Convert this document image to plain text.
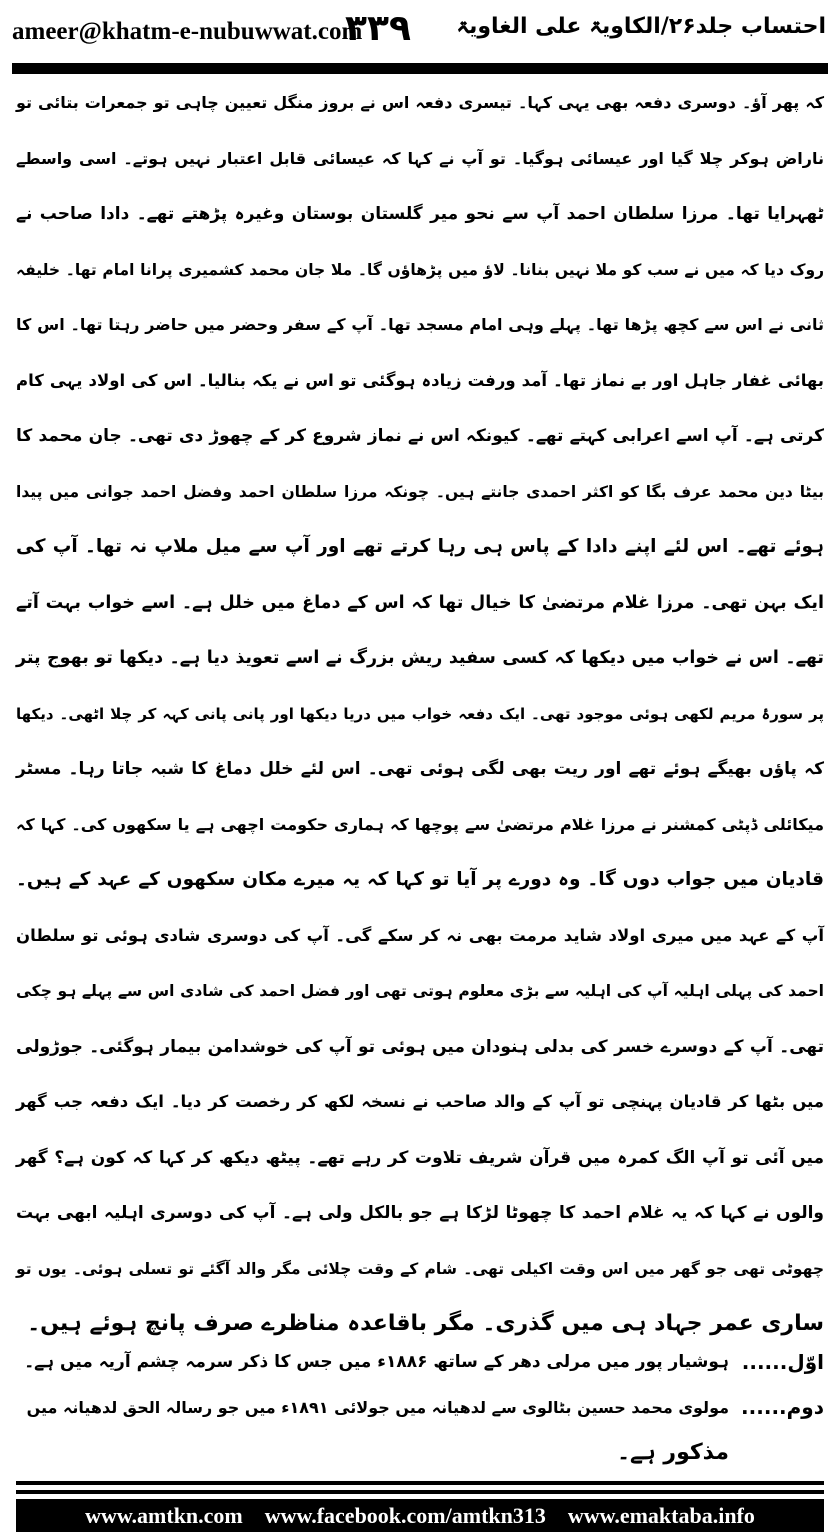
ameer@khatm-e-nubuwwat.com
۳۳۹ احتساب جلد۲۶/الکاویۃ علی الغاویۃ
کہ پھر آؤ۔ دوسری دفعہ بھی یہی کہا۔ تیسری دفعہ اس نے بروز منگل تعیین چاہی تو جمعرات بتائی تو
ناراض ہوکر چلا گیا اور عیسائی ہوگیا۔ تو آپ نے کہا کہ عیسائی قابل اعتبار نہیں ہوتے۔ اسی واسطے
ٹھہرایا تھا۔ مرزا سلطان احمد آپ سے نحو میر گلستان بوستان وغیرہ پڑھتے تھے۔ دادا صاحب نے
روک دیا کہ میں نے سب کو ملا نہیں بنانا۔ لاؤ میں پڑھاؤں گا۔ ملا جان محمد کشمیری پرانا امام تھا۔ خلیفہ
ثانی نے اس سے کچھ پڑھا تھا۔ پہلے وہی امام مسجد تھا۔ آپ کے سفر وحضر میں حاضر رہتا تھا۔ اس کا
بھائی غفار جاہل اور بے نماز تھا۔ آمد ورفت زیادہ ہوگئی تو اس نے یکہ بنالیا۔ اس کی اولاد یہی کام
کرتی ہے۔ آپ اسے اعرابی کہتے تھے۔ کیونکہ اس نے نماز شروع کر کے چھوڑ دی تھی۔ جان محمد کا
بیٹا دین محمد عرف بگا کو اکثر احمدی جانتے ہیں۔ چونکہ مرزا سلطان احمد وفضل احمد جوانی میں پیدا
ہوئے تھے۔ اس لئے اپنے دادا کے پاس ہی رہا کرتے تھے اور آپ سے میل ملاپ نہ تھا۔ آپ کی
ایک بہن تھی۔ مرزا غلام مرتضیٰ کا خیال تھا کہ اس کے دماغ میں خلل ہے۔ اسے خواب بہت آتے
تھے۔ اس نے خواب میں دیکھا کہ کسی سفید ریش بزرگ نے اسے تعویذ دیا ہے۔ دیکھا تو بھوج پتر
پر سورۂ مریم لکھی ہوئی موجود تھی۔ ایک دفعہ خواب میں دریا دیکھا اور پانی پانی کہہ کر چلا اٹھی۔ دیکھا
کہ پاؤں بھیگے ہوئے تھے اور ریت بھی لگی ہوئی تھی۔ اس لئے خلل دماغ کا شبہ جاتا رہا۔ مسٹر
میکائلی ڈپٹی کمشنر نے مرزا غلام مرتضیٰ سے پوچھا کہ ہماری حکومت اچھی ہے یا سکھوں کی۔ کہا کہ
قادیان میں جواب دوں گا۔ وہ دورے پر آیا تو کہا کہ یہ میرے مکان سکھوں کے عہد کے ہیں۔
آپ کے عہد میں میری اولاد شاید مرمت بھی نہ کر سکے گی۔ آپ کی دوسری شادی ہوئی تو سلطان
احمد کی پہلی اہلیہ آپ کی اہلیہ سے بڑی معلوم ہوتی تھی اور فضل احمد کی شادی اس سے پہلے ہو چکی
تھی۔ آپ کے دوسرے خسر کی بدلی ہنودان میں ہوئی تو آپ کی خوشدامن بیمار ہوگئی۔ جوڑولی
میں بٹھا کر قادیان پہنچی تو آپ کے والد صاحب نے نسخہ لکھ کر رخصت کر دیا۔ ایک دفعہ جب گھر
میں آئی تو آپ الگ کمرہ میں قرآن شریف تلاوت کر رہے تھے۔ پیٹھ دیکھ کر کہا کہ کون ہے؟ گھر
والوں نے کہا کہ یہ غلام احمد کا چھوٹا لڑکا ہے جو بالکل ولی ہے۔ آپ کی دوسری اہلیہ ابھی بہت
چھوٹی تھی جو گھر میں اس وقت اکیلی تھی۔ شام کے وقت چلائی مگر والد آگئے تو تسلی ہوئی۔ یوں تو
ساری عمر جہاد ہی میں گذری۔ مگر باقاعدہ مناظرے صرف پانچ ہوئے ہیں۔
اوّل......
ہوشیار پور میں مرلی دھر کے ساتھ ۱۸۸۶ء میں جس کا ذکر سرمہ چشم آریہ میں ہے۔
دوم......
مولوی محمد حسین بٹالوی سے لدھیانہ میں جولائی ۱۸۹۱ء میں جو رسالہ الحق لدھیانہ میں
مذکور ہے۔
www.amtkn.com www.facebook.com/amtkn313 www.emaktaba.info
